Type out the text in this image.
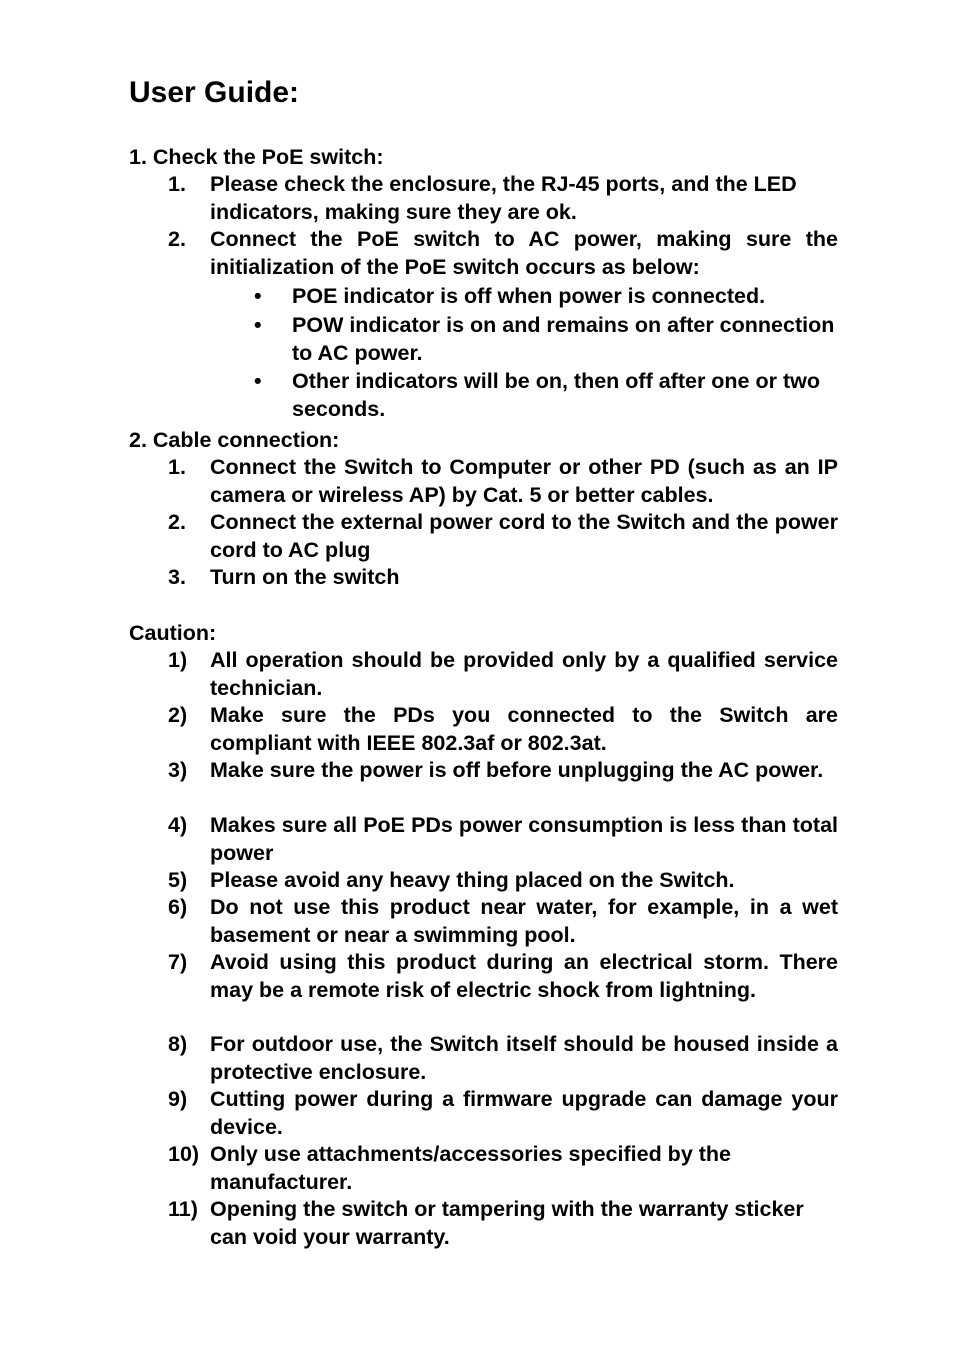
User Guide:
1. Check the PoE switch:
1. Please check the enclosure, the RJ-45 ports, and the LED indicators, making sure they are ok.
2. Connect the PoE switch to AC power, making sure the initialization of the PoE switch occurs as below:
• POE indicator is off when power is connected.
• POW indicator is on and remains on after connection to AC power.
• Other indicators will be on, then off after one or two seconds.
2. Cable connection:
1. Connect the Switch to Computer or other PD (such as an IP camera or wireless AP) by Cat. 5 or better cables.
2. Connect the external power cord to the Switch and the power cord to AC plug
3. Turn on the switch
Caution:
1) All operation should be provided only by a qualified service technician.
2) Make sure the PDs you connected to the Switch are compliant with IEEE 802.3af or 802.3at.
3) Make sure the power is off before unplugging the AC power.
4) Makes sure all PoE PDs power consumption is less than total power
5) Please avoid any heavy thing placed on the Switch.
6) Do not use this product near water, for example, in a wet basement or near a swimming pool.
7) Avoid using this product during an electrical storm. There may be a remote risk of electric shock from lightning.
8) For outdoor use, the Switch itself should be housed inside a protective enclosure.
9) Cutting power during a firmware upgrade can damage your device.
10) Only use attachments/accessories specified by the manufacturer.
11) Opening the switch or tampering with the warranty sticker can void your warranty.
